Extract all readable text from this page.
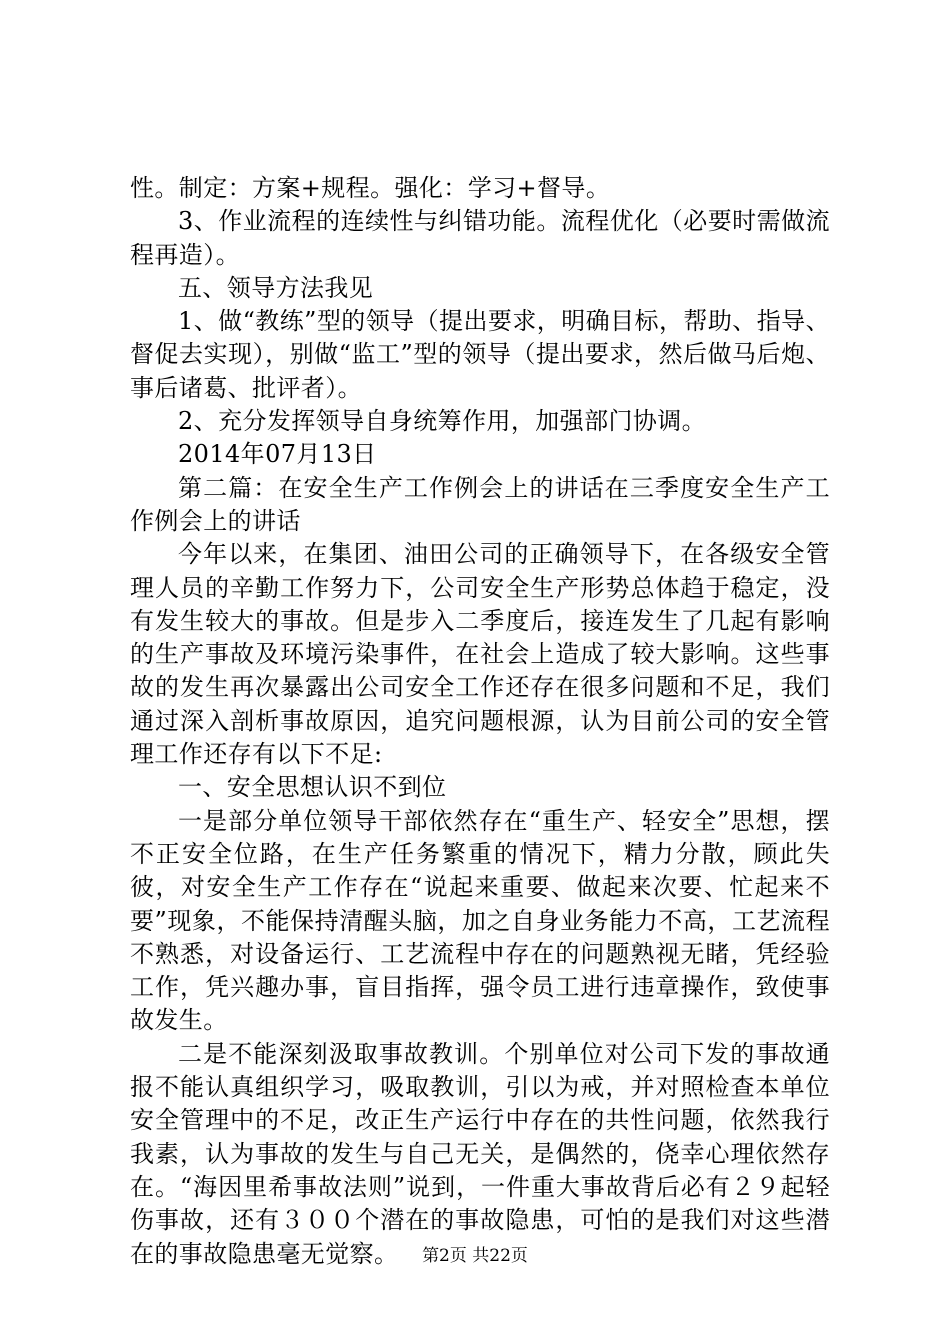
性。制定：方案+规程。强化：学习+督导。

3、作业流程的连续性与纠错功能。流程优化（必要时需做流程再造）。

五、领导方法我见

1、做“教练”型的领导（提出要求，明确目标，帮助、指导、督促去实现），别做“监工”型的领导（提出要求，然后做马后炮、事后诸葛、批评者）。

2、充分发挥领导自身统筹作用，加强部门协调。

2014年07月13日

第二篇：在安全生产工作例会上的讲话在三季度安全生产工作例会上的讲话

今年以来，在集团、油田公司的正确领导下，在各级安全管理人员的辛勤工作努力下，公司安全生产形势总体趋于稳定，没有发生较大的事故。但是步入二季度后，接连发生了几起有影响的生产事故及环境污染事件，在社会上造成了较大影响。这些事故的发生再次暴露出公司安全工作还存在很多问题和不足，我们通过深入剖析事故原因，追究问题根源，认为目前公司的安全管理工作还存有以下不足:

一、安全思想认识不到位

一是部分单位领导干部依然存在“重生产、轻安全”思想，摆不正安全位路，在生产任务繁重的情况下，精力分散，顾此失彼，对安全生产工作存在“说起来重要、做起来次要、忙起来不要”现象，不能保持清醒头脑，加之自身业务能力不高，工艺流程不熟悉，对设备运行、工艺流程中存在的问题熟视无睹，凭经验工作，凭兴趣办事，盲目指挥，强令员工进行违章操作，致使事故发生。

二是不能深刻汲取事故教训。个别单位对公司下发的事故通报不能认真组织学习，吸取教训，引以为戒，并对照检查本单位安全管理中的不足，改正生产运行中存在的共性问题，依然我行我素，认为事故的发生与自己无关，是偶然的，侥幸心理依然存在。“海因里希事故法则”说到，一件重大事故背后必有２９起轻伤事故，还有３００个潜在的事故隐患，可怕的是我们对这些潜在的事故隐患毫无觉察。	第2页 共22页
